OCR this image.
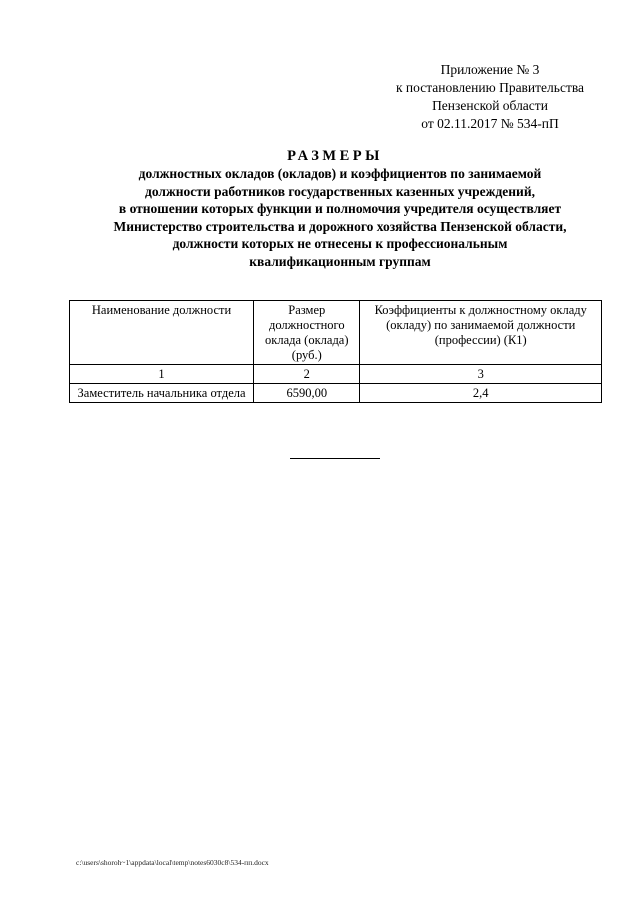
Приложение № 3
к постановлению Правительства
Пензенской области
от 02.11.2017 № 534-пП
РАЗМЕРЫ
должностных окладов (окладов) и коэффициентов по занимаемой
должности работников государственных казенных учреждений,
в отношении которых функции и полномочия учредителя осуществляет
Министерство строительства и дорожного хозяйства Пензенской области,
должности которых не отнесены к профессиональным
квалификационным группам
Наименование должности	Размер должностного оклада (оклада) (руб.)	Коэффициенты к должностному окладу (окладу) по занимаемой должности (профессии) (К1)
1	2	3
Заместитель начальника отдела	6590,00	2,4
c:\users\shoroh~1\appdata\local\temp\notes6030c8\534-пп.docx
